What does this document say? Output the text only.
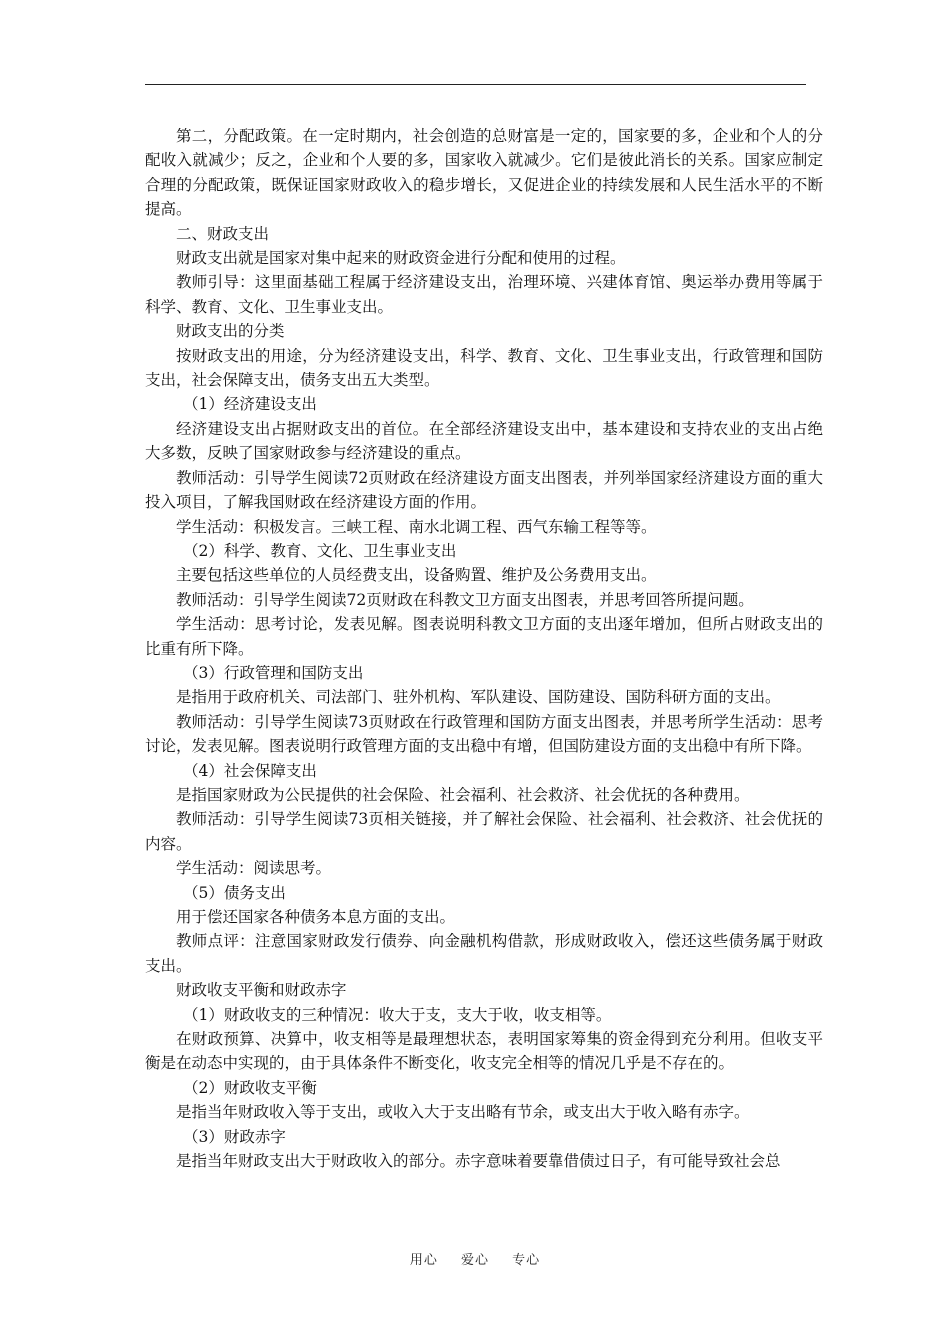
第二，分配政策。在一定时期内，社会创造的总财富是一定的，国家要的多，企业和个人的分配收入就减少；反之，企业和个人要的多，国家收入就减少。它们是彼此消长的关系。国家应制定合理的分配政策，既保证国家财政收入的稳步增长，又促进企业的持续发展和人民生活水平的不断提高。

二、财政支出

财政支出就是国家对集中起来的财政资金进行分配和使用的过程。

教师引导：这里面基础工程属于经济建设支出，治理环境、兴建体育馆、奥运举办费用等属于科学、教育、文化、卫生事业支出。

财政支出的分类

按财政支出的用途，分为经济建设支出，科学、教育、文化、卫生事业支出，行政管理和国防支出，社会保障支出，债务支出五大类型。

（1）经济建设支出

经济建设支出占据财政支出的首位。在全部经济建设支出中，基本建设和支持农业的支出占绝大多数，反映了国家财政参与经济建设的重点。

教师活动：引导学生阅读72页财政在经济建设方面支出图表，并列举国家经济建设方面的重大投入项目，了解我国财政在经济建设方面的作用。

学生活动：积极发言。三峡工程、南水北调工程、西气东输工程等等。

（2）科学、教育、文化、卫生事业支出

主要包括这些单位的人员经费支出，设备购置、维护及公务费用支出。

教师活动：引导学生阅读72页财政在科教文卫方面支出图表，并思考回答所提问题。

学生活动：思考讨论，发表见解。图表说明科教文卫方面的支出逐年增加，但所占财政支出的比重有所下降。

（3）行政管理和国防支出

是指用于政府机关、司法部门、驻外机构、军队建设、国防建设、国防科研方面的支出。

教师活动：引导学生阅读73页财政在行政管理和国防方面支出图表，并思考所学生活动：思考讨论，发表见解。图表说明行政管理方面的支出稳中有增，但国防建设方面的支出稳中有所下降。

（4）社会保障支出

是指国家财政为公民提供的社会保险、社会福利、社会救济、社会优抚的各种费用。

教师活动：引导学生阅读73页相关链接，并了解社会保险、社会福利、社会救济、社会优抚的内容。

学生活动：阅读思考。

（5）债务支出

用于偿还国家各种债务本息方面的支出。

教师点评：注意国家财政发行债券、向金融机构借款，形成财政收入，偿还这些债务属于财政支出。

财政收支平衡和财政赤字

（1）财政收支的三种情况：收大于支，支大于收，收支相等。

在财政预算、决算中，收支相等是最理想状态，表明国家筹集的资金得到充分利用。但收支平衡是在动态中实现的，由于具体条件不断变化，收支完全相等的情况几乎是不存在的。

（2）财政收支平衡

是指当年财政收入等于支出，或收入大于支出略有节余，或支出大于收入略有赤字。

（3）财政赤字

是指当年财政支出大于财政收入的部分。赤字意味着要靠借债过日子，有可能导致社会总

用心 爱心 专心
